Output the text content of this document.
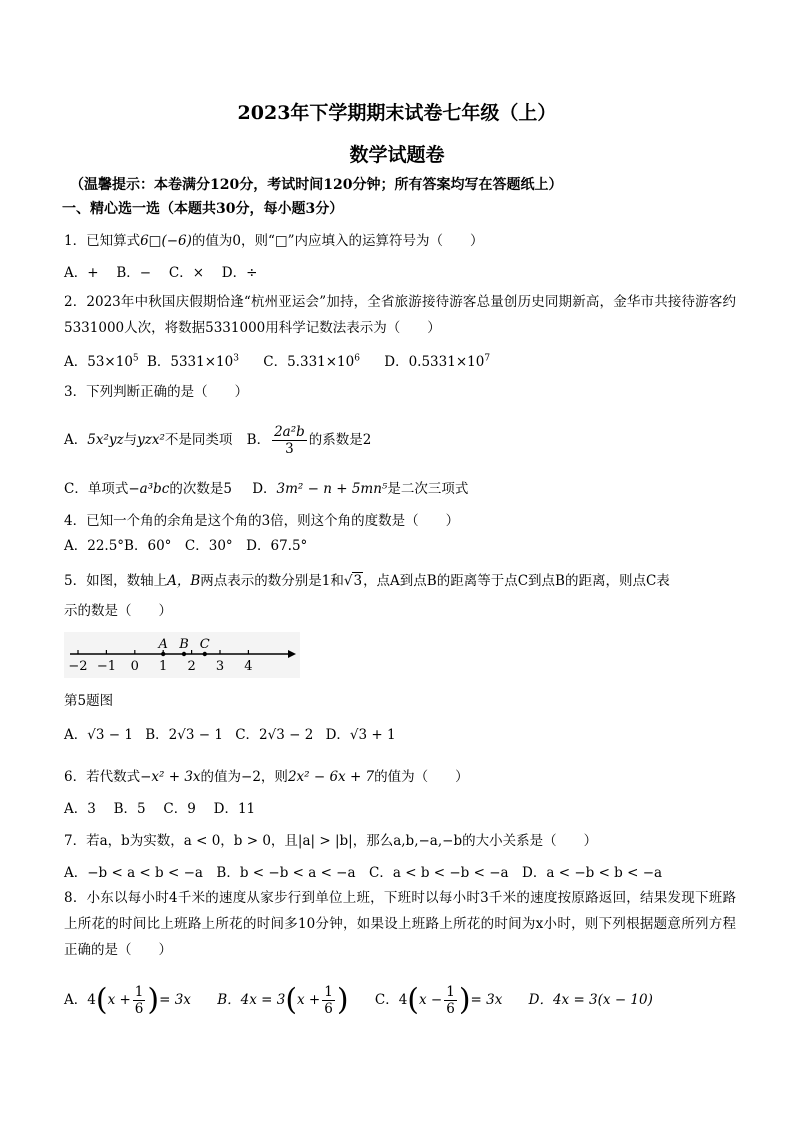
2023年下学期期末试卷七年级（上）
数学试题卷
（温馨提示：本卷满分120分，考试时间120分钟；所有答案均写在答题纸上）
一、精心选一选（本题共30分，每小题3分）
1．已知算式6□(−6)的值为0，则“□”内应填入的运算符号为（　　）
A．+　 B．−　 C．×　 D．÷
2．2023年中秋国庆假期恰逢“杭州亚运会”加持，全省旅游接待游客总量创历史同期新高，金华市共接待游客约5331000人次，将数据5331000用科学记数法表示为（　　）
A．$53\times 10^5$ B．$5331\times 10^3$ C．$5.331\times 10^6$ D．$0.5331\times 10^7$
3．下列判断正确的是（　　）
A．5x²yz与yzx²不是同类项 B． $\frac{\text{2a²b}}{3}$ 的系数是2
C．单项式−a³bc的次数是5 D．3m² − n + 5mn⁵是二次三项式
4．已知一个角的余角是这个角的3倍，则这个角的度数是（　　）
A．22.5°B．60°　C．30°　D．67.5°
5．如图，数轴上A，B两点表示的数分别是1和√3，点A到点B的距离等于点C到点B的距离，则点C表
示的数是（　　）
−2 −1 0 1 2 3 4
A B C
第5题图
A．√3 − 1 B．2√3 − 1 C．2√3 − 2 D．√3 + 1
6．若代数式−x² + 3x的值为−2，则2x² − 6x + 7的值为（　　）
A．3　 B．5　 C．9　 D．11
7．若a，b为实数，a < 0，b > 0，且|a| > |b|，那么a,b,−a,−b的大小关系是（　　）
A．−b < a < b < −a　B．b < −b < a < −a　C．a < b < −b < −a　D．a < −b < b < −a
8．小东以每小时4千米的速度从家步行到单位上班，下班时以每小时3千米的速度按原路返回，结果发现下班路上所花的时间比上班路上所花的时间多10分钟，如果设上班路上所花的时间为x小时，则下列根据题意所列方程正确的是（　　）
A．$4(x + \frac{1}{6}$ )= 3x B．$4x = 3(x + \frac{1}{6}$ ) C．$4(x - \frac{1}{6}$ )= 3x D．4x = 3(x − 10)
